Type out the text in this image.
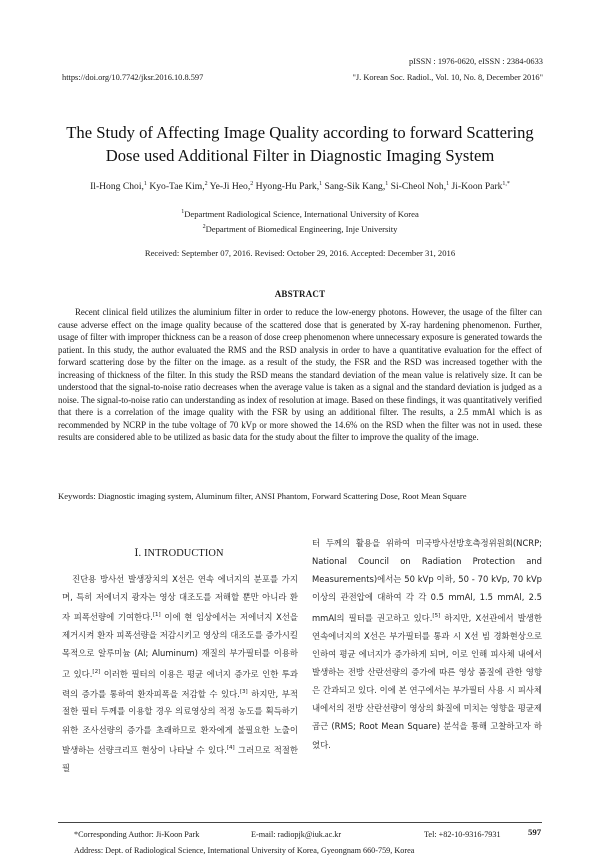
pISSN : 1976-0620, eISSN : 2384-0633
https://doi.org/10.7742/jksr.2016.10.8.597	"J. Korean Soc. Radiol., Vol. 10, No. 8, December 2016"
The Study of Affecting Image Quality according to forward Scattering
Dose used Additional Filter in Diagnostic Imaging System
Il-Hong Choi,$^1$ Kyo-Tae Kim,$^2$ Ye-Ji Heo,$^2$ Hyong-Hu Park,$^1$ Sang-Sik Kang,$^1$ Si-Cheol Noh,$^1$ Ji-Koon Park$^{1,*}$
$^1$Department Radiological Science, International University of Korea
$^2$Department of Biomedical Engineering, Inje University
Received: September 07, 2016. Revised: October 29, 2016. Accepted: December 31, 2016
ABSTRACT

Recent clinical field utilizes the aluminium filter in order to reduce the low-energy photons. However, the usage of the filter can cause adverse effect on the image quality because of the scattered dose that is generated by X-ray hardening phenomenon. Further, usage of filter with improper thickness can be a reason of dose creep phenomenon where unnecessary exposure is generated towards the patient. In this study, the author evaluated the RMS and the RSD analysis in order to have a quantitative evaluation for the effect of forward scattering dose by the filter on the image. as a result of the study, the FSR and the RSD was increased together with the increasing of thickness of the filter. In this study the RSD means the standard deviation of the mean value is relatively size. It can be understood that the signal-to-noise ratio decreases when the average value is taken as a signal and the standard deviation is judged as a noise. The signal-to-noise ratio can understanding as index of resolution at image. Based on these findings, it was quantitatively verified that there is a correlation of the image quality with the FSR by using an additional filter. The results, a 2.5 mmAl which is as recommended by NCRP in the tube voltage of 70 kVp or more showed the 14.6% on the RSD when the filter was not in used. these results are considered able to be utilized as basic data for the study about the filter to improve the quality of the image.

Keywords: Diagnostic imaging system, Aluminum filter, ANSI Phantom, Forward Scattering Dose, Root Mean Square
Ⅰ. INTRODUCTION

진단용 방사선 발생장치의 X선은 연속 에너지의 분포를 가지며, 특히 저에너지 광자는 영상 대조도를 저해할 뿐만 아니라 환자 피폭선량에 기여한다.[1] 이에 현 임상에서는 저에너지 X선을 제거시켜 환자 피폭선량을 저감시키고 영상의 대조도를 증가시킬 목적으로 알루미늄 (Al; Aluminum) 재질의 부가필터를 이용하고 있다.[2] 이러한 필터의 이용은 평균 에너지 증가로 인한 투과력의 증가를 통하여 환자피폭을 저감할 수 있다.[3] 하지만, 부적절한 필터 두께를 이용할 경우 의료영상의 적정 농도를 획득하기 위한 조사선량의 증가를 초래하므로 환자에게 불필요한 노출이 발생하는 선량크리프 현상이 나타날 수 있다.[4] 그러므로 적절한 필

터 두께의 활용을 위하여 미국방사선방호측정위원회(NCRP; National Council on Radiation Protection and Measurements)에서는 50 kVp 이하, 50 - 70 kVp, 70 kVp 이상의 관전압에 대하여 각 각 0.5 mmAl, 1.5 mmAl, 2.5 mmAl의 필터를 권고하고 있다.[5] 하지만, X선관에서 발생한 연속에너지의 X선은 부가필터를 통과 시 X선 빔 경화현상으로 인하여 평균 에너지가 증가하게 되며, 이로 인해 피사체 내에서 발생하는 전방 산란선량의 증가에 따른 영상 품질에 관한 영향은 간과되고 있다. 이에 본 연구에서는 부가필터 사용 시 피사체 내에서의 전방 산란선량이 영상의 화질에 미치는 영향을 평균제곱근 (RMS; Root Mean Square) 분석을 통해 고찰하고자 하였다.

*Corresponding Author: Ji-Koon Park	E-mail: radiopjk@iuk.ac.kr	Tel: +82-10-9316-7931	597
Address: Dept. of Radiological Science, International University of Korea, Gyeongnam 660-759, Korea
